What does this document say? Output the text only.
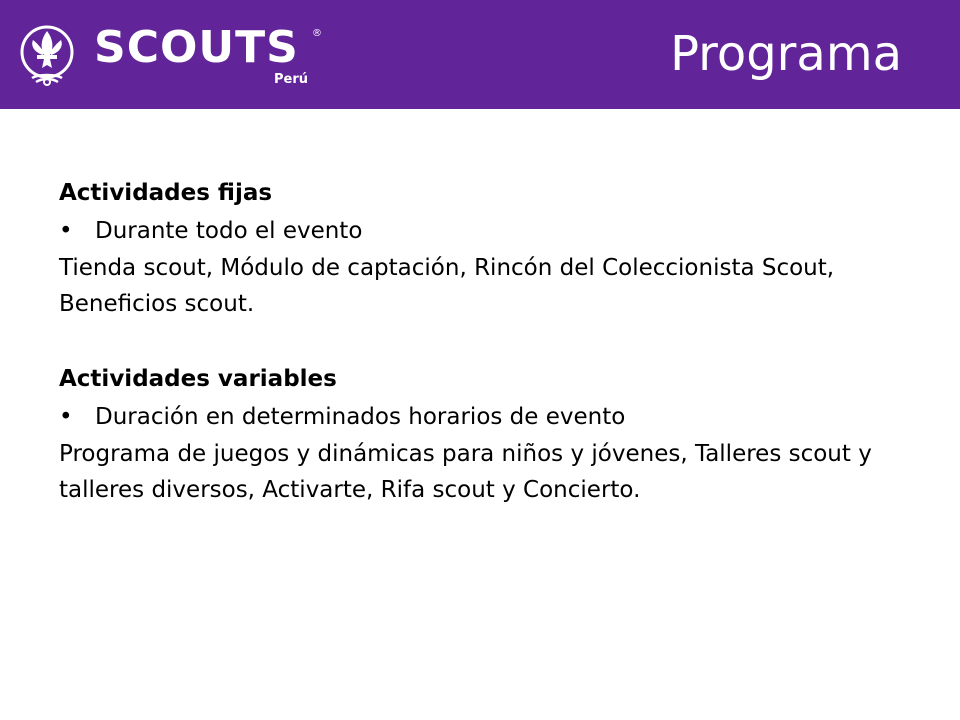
SCOUTS ®
Perú	Programa

Actividades fijas

• Durante todo el evento

Tienda scout, Módulo de captación, Rincón del Coleccionista Scout, Beneficios scout.

Actividades variables

• Duración en determinados horarios de evento

Programa de juegos y dinámicas para niños y jóvenes, Talleres scout y talleres diversos, Activarte, Rifa scout y Concierto.
